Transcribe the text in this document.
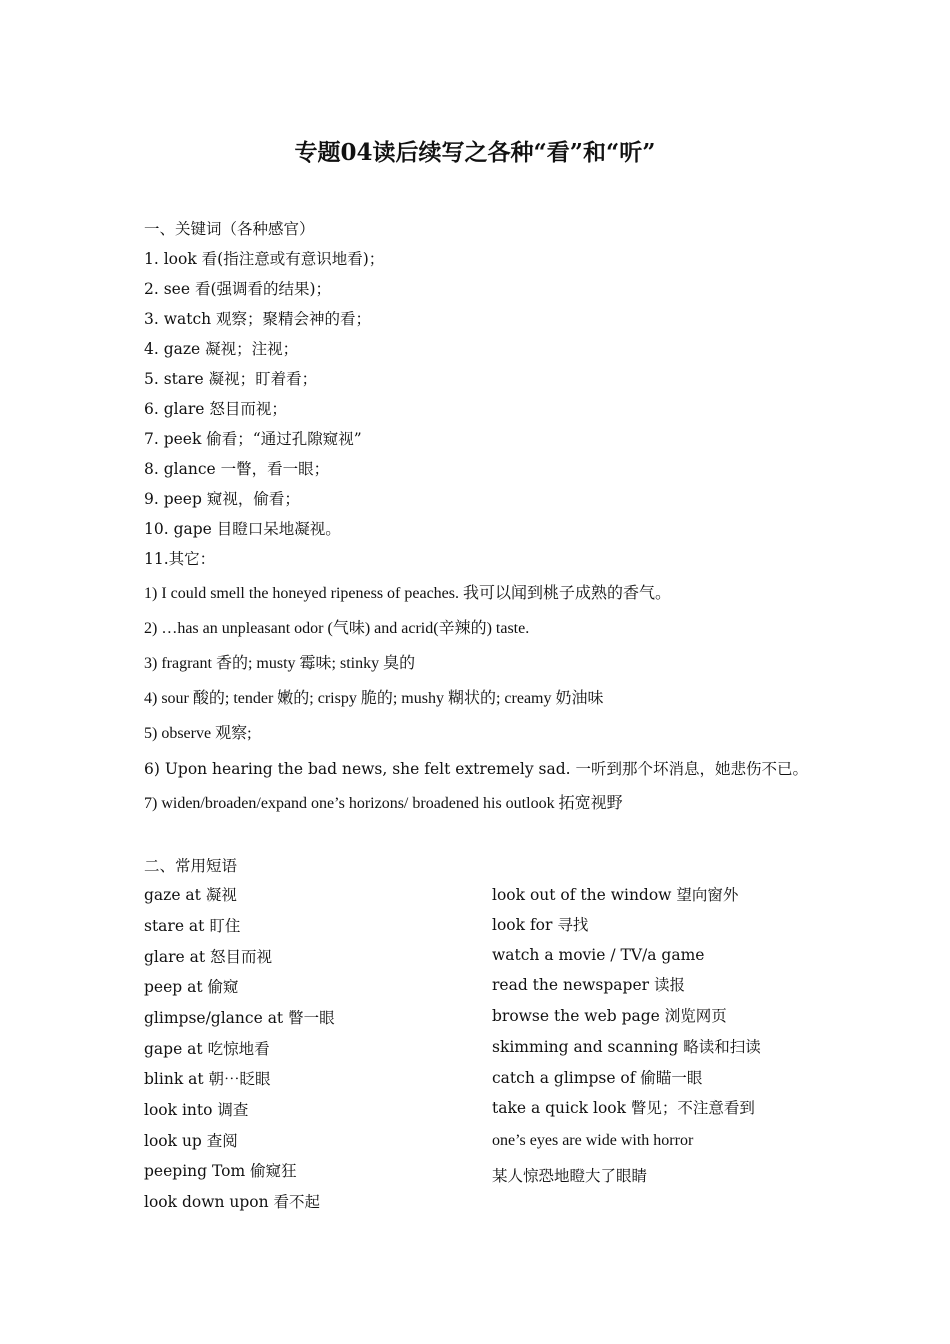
专题04读后续写之各种“看”和“听”
一、关键词（各种感官）
1. look 看(指注意或有意识地看)；
2. see 看(强调看的结果)；
3. watch 观察；聚精会神的看；
4. gaze 凝视；注视；
5. stare 凝视；盯着看；
6. glare 怒目而视；
7. peek 偷看；“通过孔隙窥视”
8. glance 一瞥，看一眼；
9. peep 窥视，偷看；
10. gape 目瞪口呆地凝视。
11.其它：
1) I could smell the honeyed ripeness of peaches. 我可以闻到桃子成熟的香气。
2) …has an unpleasant odor (气味) and acrid(辛辣的) taste.
3) fragrant 香的; musty 霉味; stinky 臭的
4) sour 酸的; tender 嫩的; crispy 脆的; mushy 糊状的; creamy 奶油味
5) observe 观察;
6) Upon hearing the bad news, she felt extremely sad. 一听到那个坏消息，她悲伤不已。
7) widen/broaden/expand one’s horizons/ broadened his outlook 拓宽视野
二、常用短语
gaze at 凝视
stare at 盯住
glare at 怒目而视
peep at 偷窥
glimpse/glance at 瞥一眼
gape at 吃惊地看
blink at 朝⋯眨眼
look into 调查
look up 查阅
peeping Tom 偷窥狂
look down upon 看不起
look out of the window 望向窗外
look for 寻找
watch a movie / TV/a game
read the newspaper 读报
browse the web page 浏览网页
skimming and scanning 略读和扫读
catch a glimpse of 偷瞄一眼
take a quick look 瞥见；不注意看到
one’s eyes are wide with horror
某人惊恐地瞪大了眼睛
